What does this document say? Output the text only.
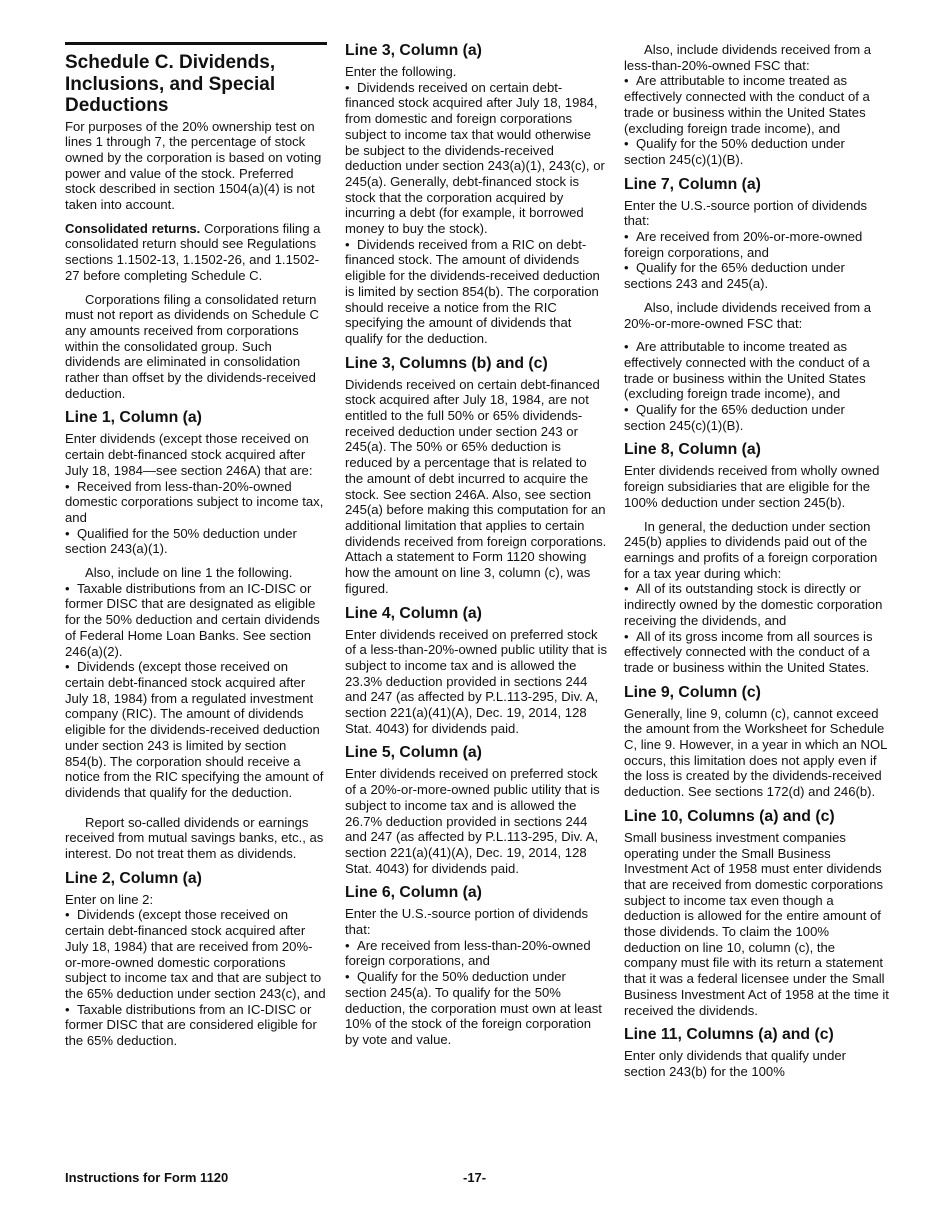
Schedule C. Dividends, Inclusions, and Special Deductions

For purposes of the 20% ownership test on lines 1 through 7, the percentage of stock owned by the corporation is based on voting power and value of the stock. Preferred stock described in section 1504(a)(4) is not taken into account.

Consolidated returns. Corporations filing a consolidated return should see Regulations sections 1.1502-13, 1.1502-26, and 1.1502-27 before completing Schedule C.

Corporations filing a consolidated return must not report as dividends on Schedule C any amounts received from corporations within the consolidated group. Such dividends are eliminated in consolidation rather than offset by the dividends-received deduction.

Line 1, Column (a)

Enter dividends (except those received on certain debt-financed stock acquired after July 18, 1984—see section 246A) that are:

• Received from less-than-20%-owned domestic corporations subject to income tax, and

• Qualified for the 50% deduction under section 243(a)(1).

Also, include on line 1 the following.

• Taxable distributions from an IC-DISC or former DISC that are designated as eligible for the 50% deduction and certain dividends of Federal Home Loan Banks. See section 246(a)(2).

• Dividends (except those received on certain debt-financed stock acquired after July 18, 1984) from a regulated investment company (RIC). The amount of dividends eligible for the dividends-received deduction under section 243 is limited by section 854(b). The corporation should receive a notice from the RIC specifying the amount of dividends that qualify for the deduction.

Report so-called dividends or earnings received from mutual savings banks, etc., as interest. Do not treat them as dividends.

Line 2, Column (a)

Enter on line 2:

• Dividends (except those received on certain debt-financed stock acquired after July 18, 1984) that are received from 20%-or-more-owned domestic corporations subject to income tax and that are subject to the 65% deduction under section 243(c), and
• Taxable distributions from an IC-DISC or former DISC that are considered eligible for the 65% deduction.
Line 3, Column (a)

Enter the following.

• Dividends received on certain debt-financed stock acquired after July 18, 1984, from domestic and foreign corporations subject to income tax that would otherwise be subject to the dividends-received deduction under section 243(a)(1), 243(c), or 245(a). Generally, debt-financed stock is stock that the corporation acquired by incurring a debt (for example, it borrowed money to buy the stock).

• Dividends received from a RIC on debt-financed stock. The amount of dividends eligible for the dividends-received deduction is limited by section 854(b). The corporation should receive a notice from the RIC specifying the amount of dividends that qualify for the deduction.

Line 3, Columns (b) and (c)

Dividends received on certain debt-financed stock acquired after July 18, 1984, are not entitled to the full 50% or 65% dividends-received deduction under section 243 or 245(a). The 50% or 65% deduction is reduced by a percentage that is related to the amount of debt incurred to acquire the stock. See section 246A. Also, see section 245(a) before making this computation for an additional limitation that applies to certain dividends received from foreign corporations. Attach a statement to Form 1120 showing how the amount on line 3, column (c), was figured.

Line 4, Column (a)

Enter dividends received on preferred stock of a less-than-20%-owned public utility that is subject to income tax and is allowed the 23.3% deduction provided in sections 244 and 247 (as affected by P.L.113-295, Div. A, section 221(a)(41)(A), Dec. 19, 2014, 128 Stat. 4043) for dividends paid.

Line 5, Column (a)

Enter dividends received on preferred stock of a 20%-or-more-owned public utility that is subject to income tax and is allowed the 26.7% deduction provided in sections 244 and 247 (as affected by P.L.113-295, Div. A, section 221(a)(41)(A), Dec. 19, 2014, 128 Stat. 4043) for dividends paid.

Line 6, Column (a)

Enter the U.S.-source portion of dividends that:

• Are received from less-than-20%-owned foreign corporations, and
• Qualify for the 50% deduction under section 245(a). To qualify for the 50% deduction, the corporation must own at least 10% of the stock of the foreign corporation by vote and value.

Also, include dividends received from a less-than-20%-owned FSC that:

• Are attributable to income treated as effectively connected with the conduct of a trade or business within the United States (excluding foreign trade income), and

• Qualify for the 50% deduction under section 245(c)(1)(B).

Line 7, Column (a)

Enter the U.S.-source portion of dividends that:

• Are received from 20%-or-more-owned foreign corporations, and

• Qualify for the 65% deduction under sections 243 and 245(a).

Also, include dividends received from a 20%-or-more-owned FSC that:

• Are attributable to income treated as effectively connected with the conduct of a trade or business within the United States (excluding foreign trade income), and

• Qualify for the 65% deduction under section 245(c)(1)(B).

Line 8, Column (a)

Enter dividends received from wholly owned foreign subsidiaries that are eligible for the 100% deduction under section 245(b).

In general, the deduction under section 245(b) applies to dividends paid out of the earnings and profits of a foreign corporation for a tax year during which:

• All of its outstanding stock is directly or indirectly owned by the domestic corporation receiving the dividends, and

• All of its gross income from all sources is effectively connected with the conduct of a trade or business within the United States.

Line 9, Column (c)

Generally, line 9, column (c), cannot exceed the amount from the Worksheet for Schedule C, line 9. However, in a year in which an NOL occurs, this limitation does not apply even if the loss is created by the dividends-received deduction. See sections 172(d) and 246(b).

Line 10, Columns (a) and (c)

Small business investment companies operating under the Small Business Investment Act of 1958 must enter dividends that are received from domestic corporations subject to income tax even though a deduction is allowed for the entire amount of those dividends. To claim the 100% deduction on line 10, column (c), the company must file with its return a statement that it was a federal licensee under the Small Business Investment Act of 1958 at the time it received the dividends.

Line 11, Columns (a) and (c)

Enter only dividends that qualify under section 243(b) for the 100%

Instructions for Form 1120	-17-
